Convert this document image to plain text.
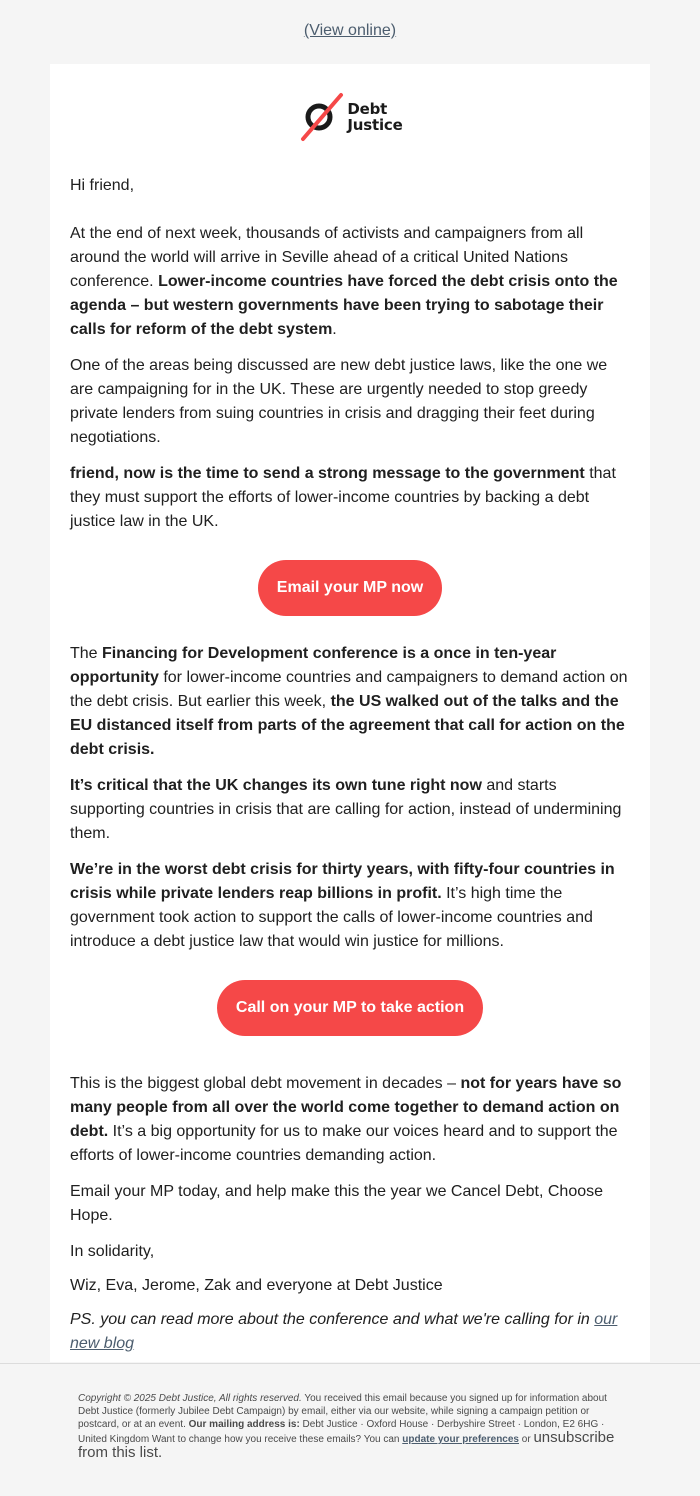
(View online)
Debt
Justice

Hi friend,

At the end of next week, thousands of activists and campaigners from all around the world will arrive in Seville ahead of a critical United Nations conference. Lower-income countries have forced the debt crisis onto the agenda – but western governments have been trying to sabotage their calls for reform of the debt system.

One of the areas being discussed are new debt justice laws, like the one we are campaigning for in the UK. These are urgently needed to stop greedy private lenders from suing countries in crisis and dragging their feet during negotiations.

friend, now is the time to send a strong message to the government that they must support the efforts of lower-income countries by backing a debt justice law in the UK.

Email your MP now

The Financing for Development conference is a once in ten-year opportunity for lower-income countries and campaigners to demand action on the debt crisis. But earlier this week, the US walked out of the talks and the EU distanced itself from parts of the agreement that call for action on the debt crisis.

It’s critical that the UK changes its own tune right now and starts supporting countries in crisis that are calling for action, instead of undermining them.

We’re in the worst debt crisis for thirty years, with fifty-four countries in crisis while private lenders reap billions in profit. It’s high time the government took action to support the calls of lower-income countries and introduce a debt justice law that would win justice for millions.

Call on your MP to take action

This is the biggest global debt movement in decades – not for years have so many people from all over the world come together to demand action on debt. It’s a big opportunity for us to make our voices heard and to support the efforts of lower-income countries demanding action.

Email your MP today, and help make this the year we Cancel Debt, Choose Hope.

In solidarity,

Wiz, Eva, Jerome, Zak and everyone at Debt Justice

PS. you can read more about the conference and what we're calling for in our new blog

Copyright © 2025 Debt Justice, All rights reserved. You received this email because you signed up for information about Debt Justice (formerly Jubilee Debt Campaign) by email, either via our website, while signing a campaign petition or postcard, or at an event. Our mailing address is: Debt Justice · Oxford House · Derbyshire Street · London, E2 6HG · United Kingdom Want to change how you receive these emails? You can update your preferences or unsubscribe from this list.
